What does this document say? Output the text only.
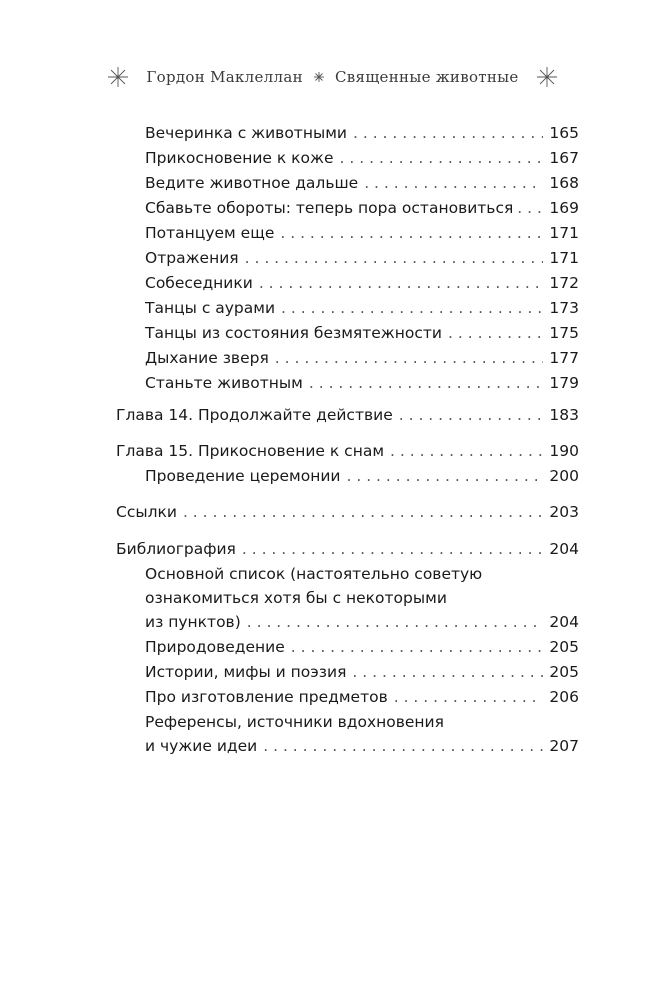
Гордон Маклеллан Священные животные
Вечеринка с животными . . .	165
Прикосновение к коже . . .	167
Ведите животное дальше . . .	168
Сбавьте обороты: теперь пора остановиться . . . 169
Потанцуем еще . . .	171
Отражения . . .	171
Собеседники . . .	172
Танцы с аурами . . .	173
Танцы из состояния безмятежности . . .	175
Дыхание зверя . . .	177
Станьте животным . . .	179
Глава 14. Продолжайте действие . . .	183
Глава 15. Прикосновение к снам . . .	190
Проведение церемонии . . .	200
Ссылки . . .	203
Библиография . . .	204
Основной список (настоятельно советую
ознакомиться хотя бы с некоторыми
из пунктов) . . .	204
Природоведение . . .	205
Истории, мифы и поэзия . . .	205
Про изготовление предметов . . .	206
Референсы, источники вдохновения
и чужие идеи . . .	207
